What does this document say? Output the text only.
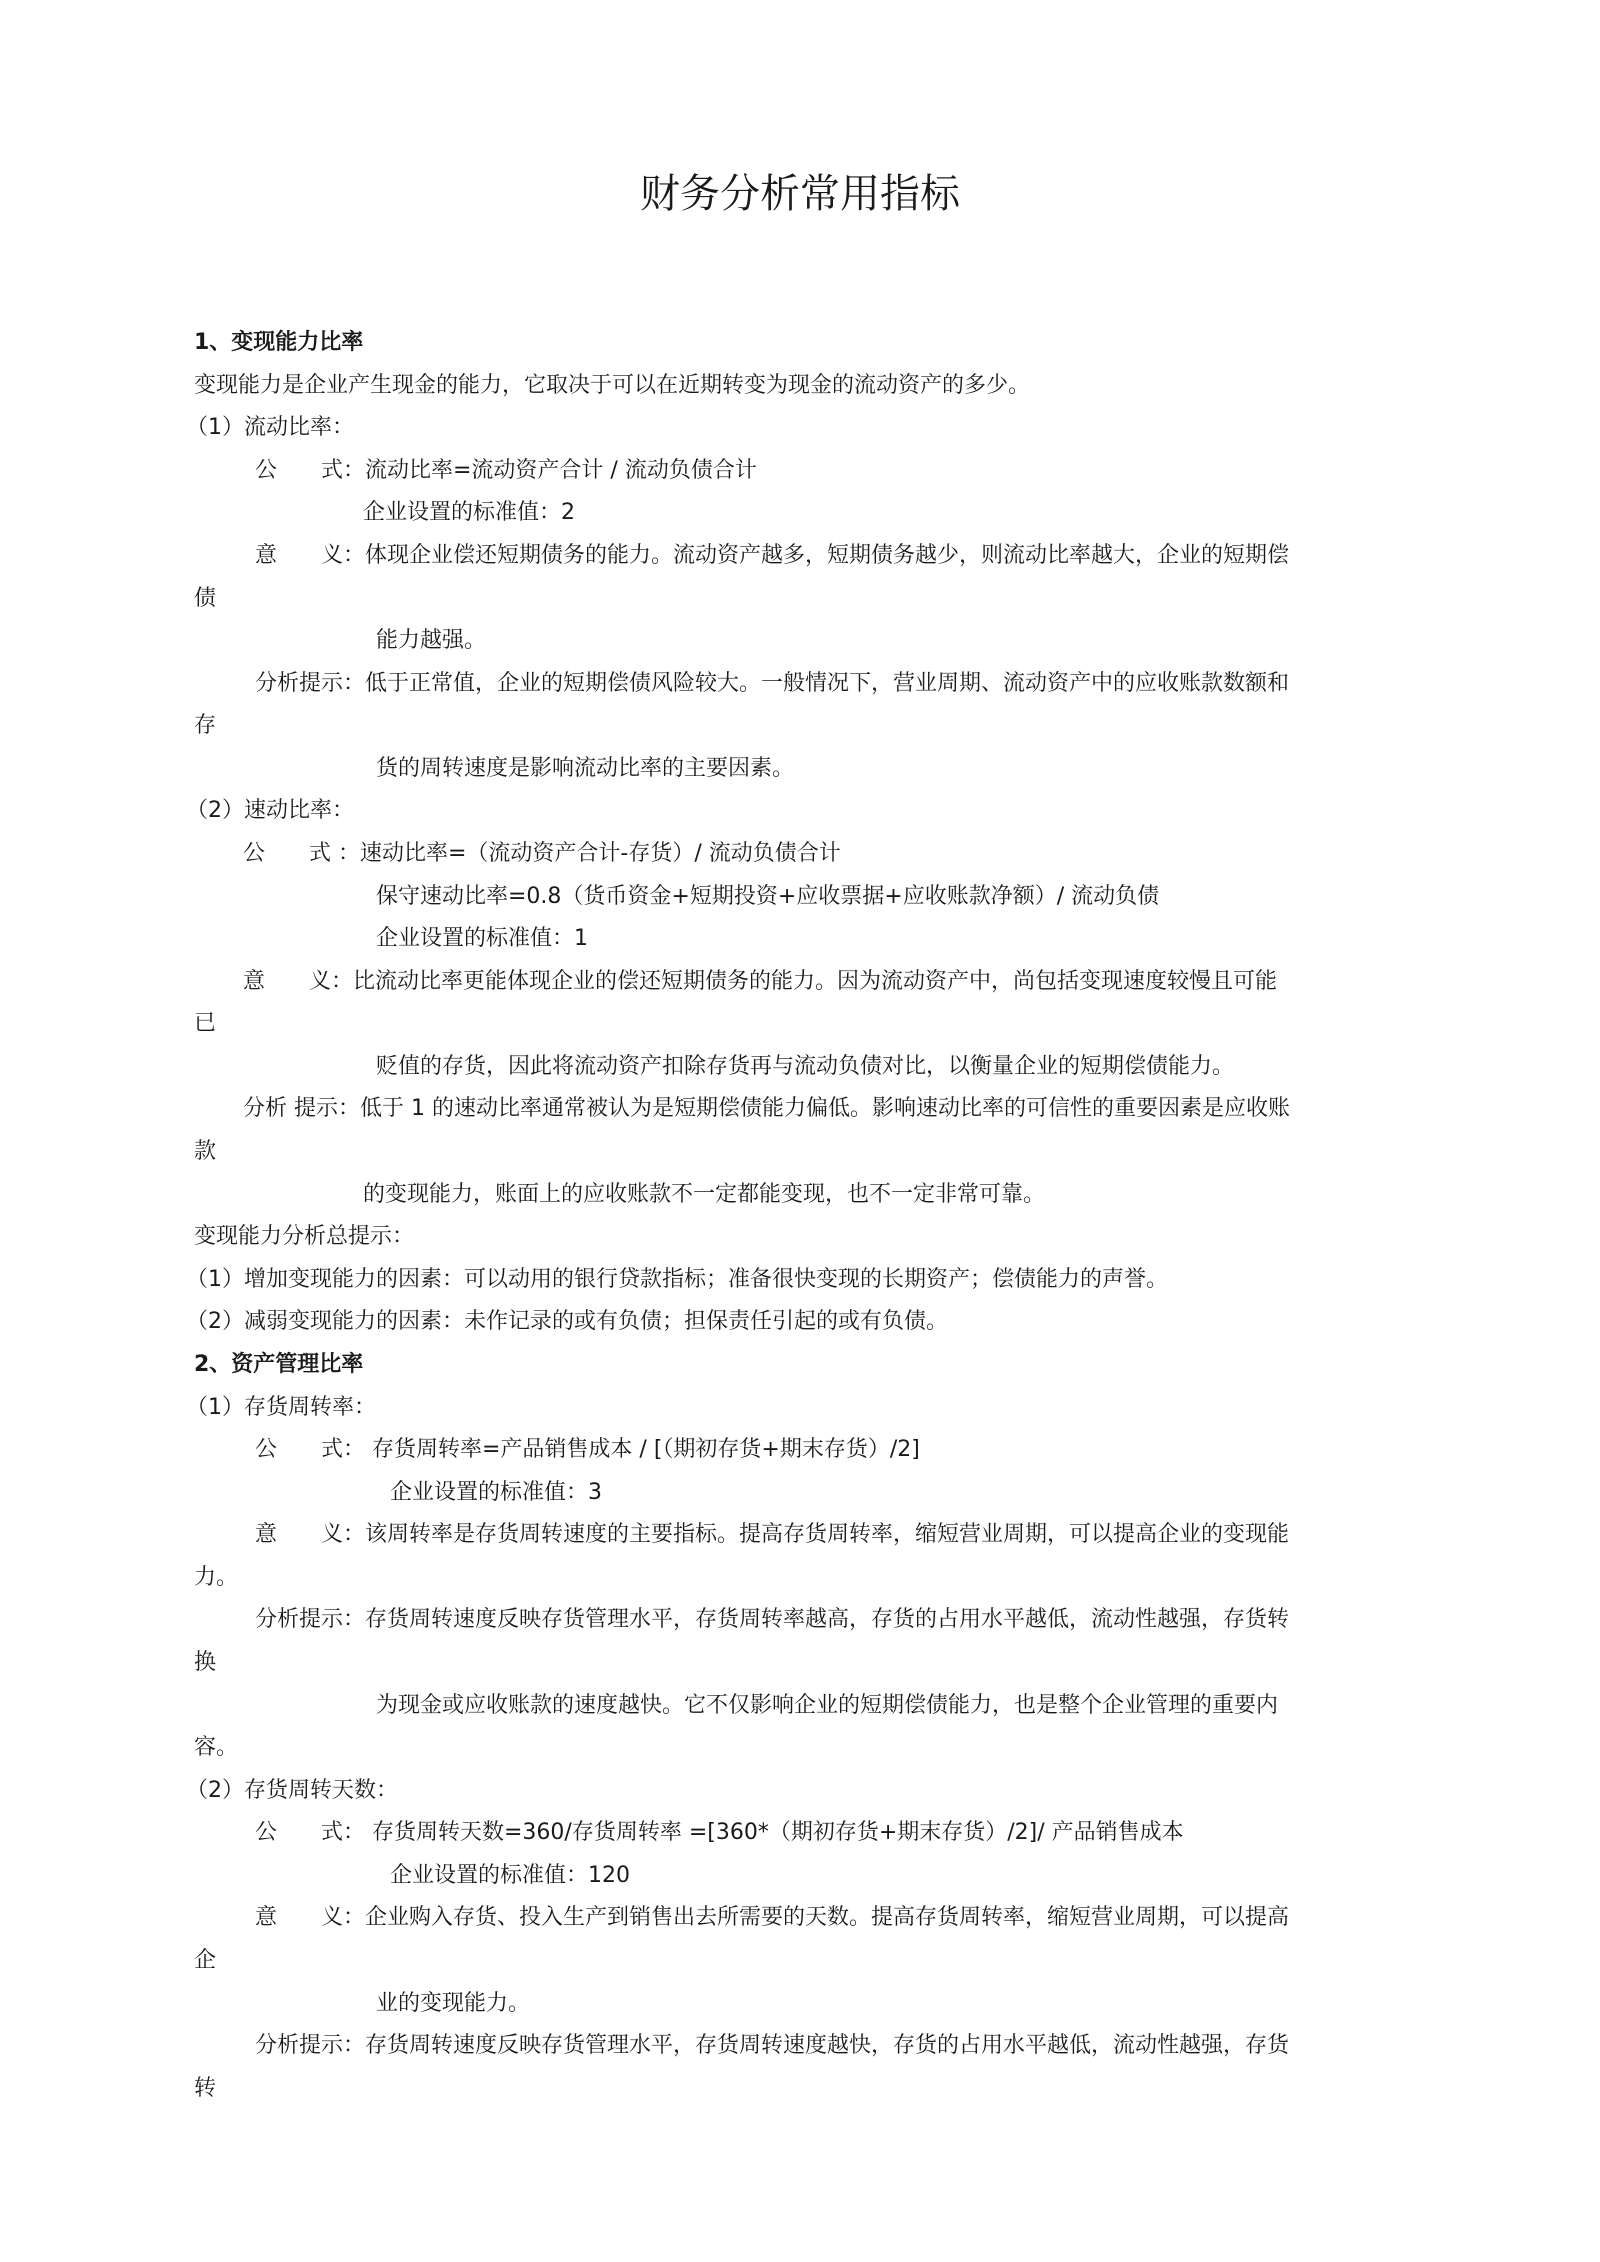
财务分析常用指标
1、变现能力比率
变现能力是企业产生现金的能力，它取决于可以在近期转变为现金的流动资产的多少。
（1）流动比率：
公　　式：流动比率=流动资产合计 / 流动负债合计
企业设置的标准值：2
意　　义：体现企业偿还短期债务的能力。流动资产越多，短期债务越少，则流动比率越大，企业的短期偿
债
能力越强。
分析提示：低于正常值，企业的短期偿债风险较大。一般情况下，营业周期、流动资产中的应收账款数额和
存
货的周转速度是影响流动比率的主要因素。
（2）速动比率：
公　　式 ：速动比率=（流动资产合计-存货）/ 流动负债合计
保守速动比率=0.8（货币资金+短期投资+应收票据+应收账款净额）/ 流动负债
企业设置的标准值：1
意　　义：比流动比率更能体现企业的偿还短期债务的能力。因为流动资产中，尚包括变现速度较慢且可能
已
贬值的存货，因此将流动资产扣除存货再与流动负债对比，以衡量企业的短期偿债能力。
分析 提示：低于 1 的速动比率通常被认为是短期偿债能力偏低。影响速动比率的可信性的重要因素是应收账
款
的变现能力，账面上的应收账款不一定都能变现，也不一定非常可靠。
变现能力分析总提示：
（1）增加变现能力的因素：可以动用的银行贷款指标；准备很快变现的长期资产；偿债能力的声誉。
（2）减弱变现能力的因素：未作记录的或有负债；担保责任引起的或有负债。
2、资产管理比率
（1）存货周转率：
公　　式： 存货周转率=产品销售成本 / [（期初存货+期末存货）/2]
企业设置的标准值：3
意　　义：该周转率是存货周转速度的主要指标。提高存货周转率，缩短营业周期，可以提高企业的变现能
力。
分析提示：存货周转速度反映存货管理水平，存货周转率越高，存货的占用水平越低，流动性越强，存货转
换
为现金或应收账款的速度越快。它不仅影响企业的短期偿债能力，也是整个企业管理的重要内
容。
（2）存货周转天数：
公　　式： 存货周转天数=360/存货周转率 =[360*（期初存货+期末存货）/2]/ 产品销售成本
企业设置的标准值：120
意　　义：企业购入存货、投入生产到销售出去所需要的天数。提高存货周转率，缩短营业周期，可以提高
企
业的变现能力。
分析提示：存货周转速度反映存货管理水平，存货周转速度越快，存货的占用水平越低，流动性越强，存货
转
